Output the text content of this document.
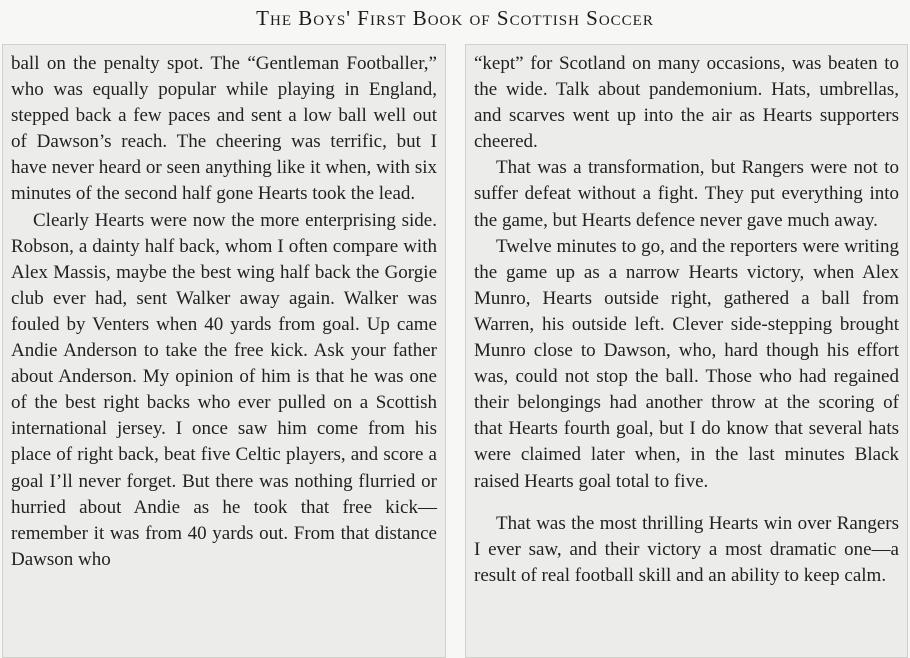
The Boys' First Book of Scottish Soccer

ball on the penalty spot. The “Gentleman Footballer,” who was equally popular while playing in England, stepped back a few paces and sent a low ball well out of Dawson’s reach. The cheering was terrific, but I have never heard or seen anything like it when, with six minutes of the second half gone Hearts took the lead.

Clearly Hearts were now the more enterprising side. Robson, a dainty half back, whom I often compare with Alex Massis, maybe the best wing half back the Gorgie club ever had, sent Walker away again. Walker was fouled by Venters when 40 yards from goal. Up came Andie Anderson to take the free kick. Ask your father about Anderson. My opinion of him is that he was one of the best right backs who ever pulled on a Scottish international jersey. I once saw him come from his place of right back, beat five Celtic players, and score a goal I’ll never forget. But there was nothing flurried or hurried about Andie as he took that free kick—remember it was from 40 yards out. From that distance Dawson who

“kept” for Scotland on many occasions, was beaten to the wide. Talk about pandemonium. Hats, umbrellas, and scarves went up into the air as Hearts supporters cheered.

That was a transformation, but Rangers were not to suffer defeat without a fight. They put everything into the game, but Hearts defence never gave much away.

Twelve minutes to go, and the reporters were writing the game up as a narrow Hearts victory, when Alex Munro, Hearts outside right, gathered a ball from Warren, his outside left. Clever side-stepping brought Munro close to Dawson, who, hard though his effort was, could not stop the ball. Those who had regained their belongings had another throw at the scoring of that Hearts fourth goal, but I do know that several hats were claimed later when, in the last minutes Black raised Hearts goal total to five.

That was the most thrilling Hearts win over Rangers I ever saw, and their victory a most dramatic one—a result of real football skill and an ability to keep calm.
